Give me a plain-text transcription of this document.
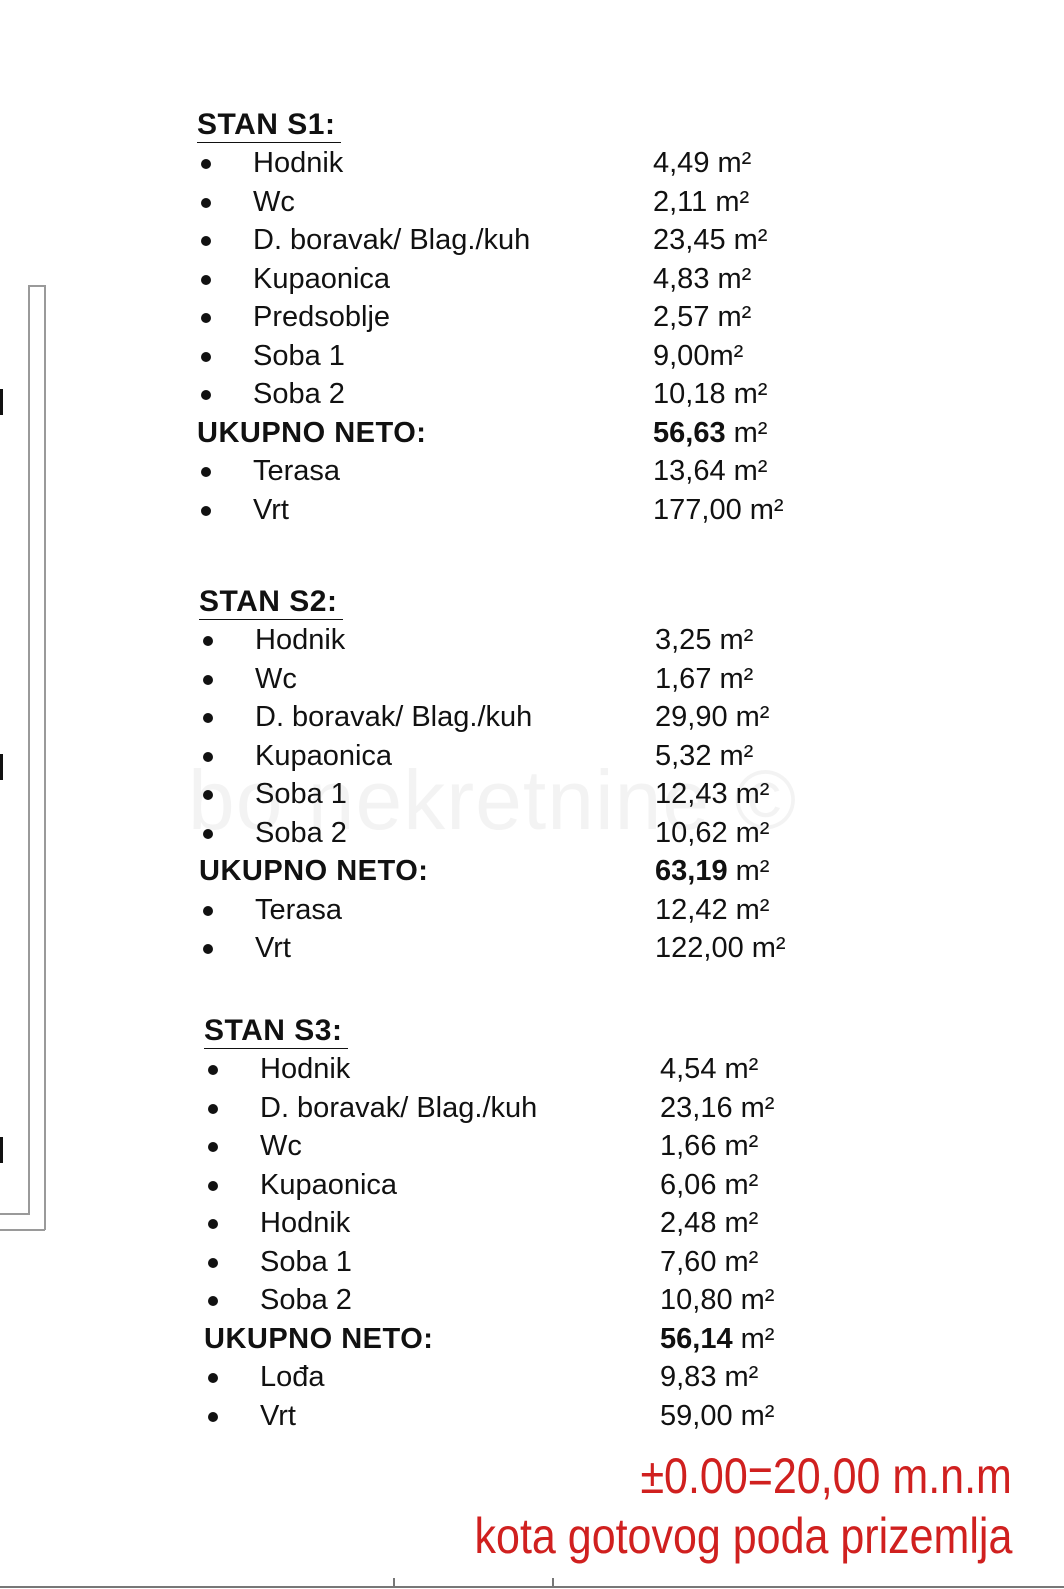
STAN S1:
Hodnik	4,49 m²
Wc	2,11 m²
D. boravak/ Blag./kuh	23,45 m²
Kupaonica	4,83 m²
Predsoblje	2,57 m²
Soba 1	9,00m²
Soba 2	10,18 m²
UKUPNO NETO:	56,63 m²
Terasa	13,64 m²
Vrt	177,00 m²
STAN S2:
Hodnik	3,25 m²
Wc	1,67 m²
D. boravak/ Blag./kuh	29,90 m²
Kupaonica	5,32 m²
Soba 1	12,43 m²
Soba 2	10,62 m²
UKUPNO NETO:	63,19 m²
Terasa	12,42 m²
Vrt	122,00 m²
STAN S3:
Hodnik	4,54 m²
D. boravak/ Blag./kuh	23,16 m²
Wc	1,66 m²
Kupaonica	6,06 m²
Hodnik	2,48 m²
Soba 1	7,60 m²
Soba 2	10,80 m²
UKUPNO NETO:	56,14 m²
Lođa	9,83 m²
Vrt	59,00 m²
±0.00=20,00 m.n.m
kota gotovog poda prizemlja
